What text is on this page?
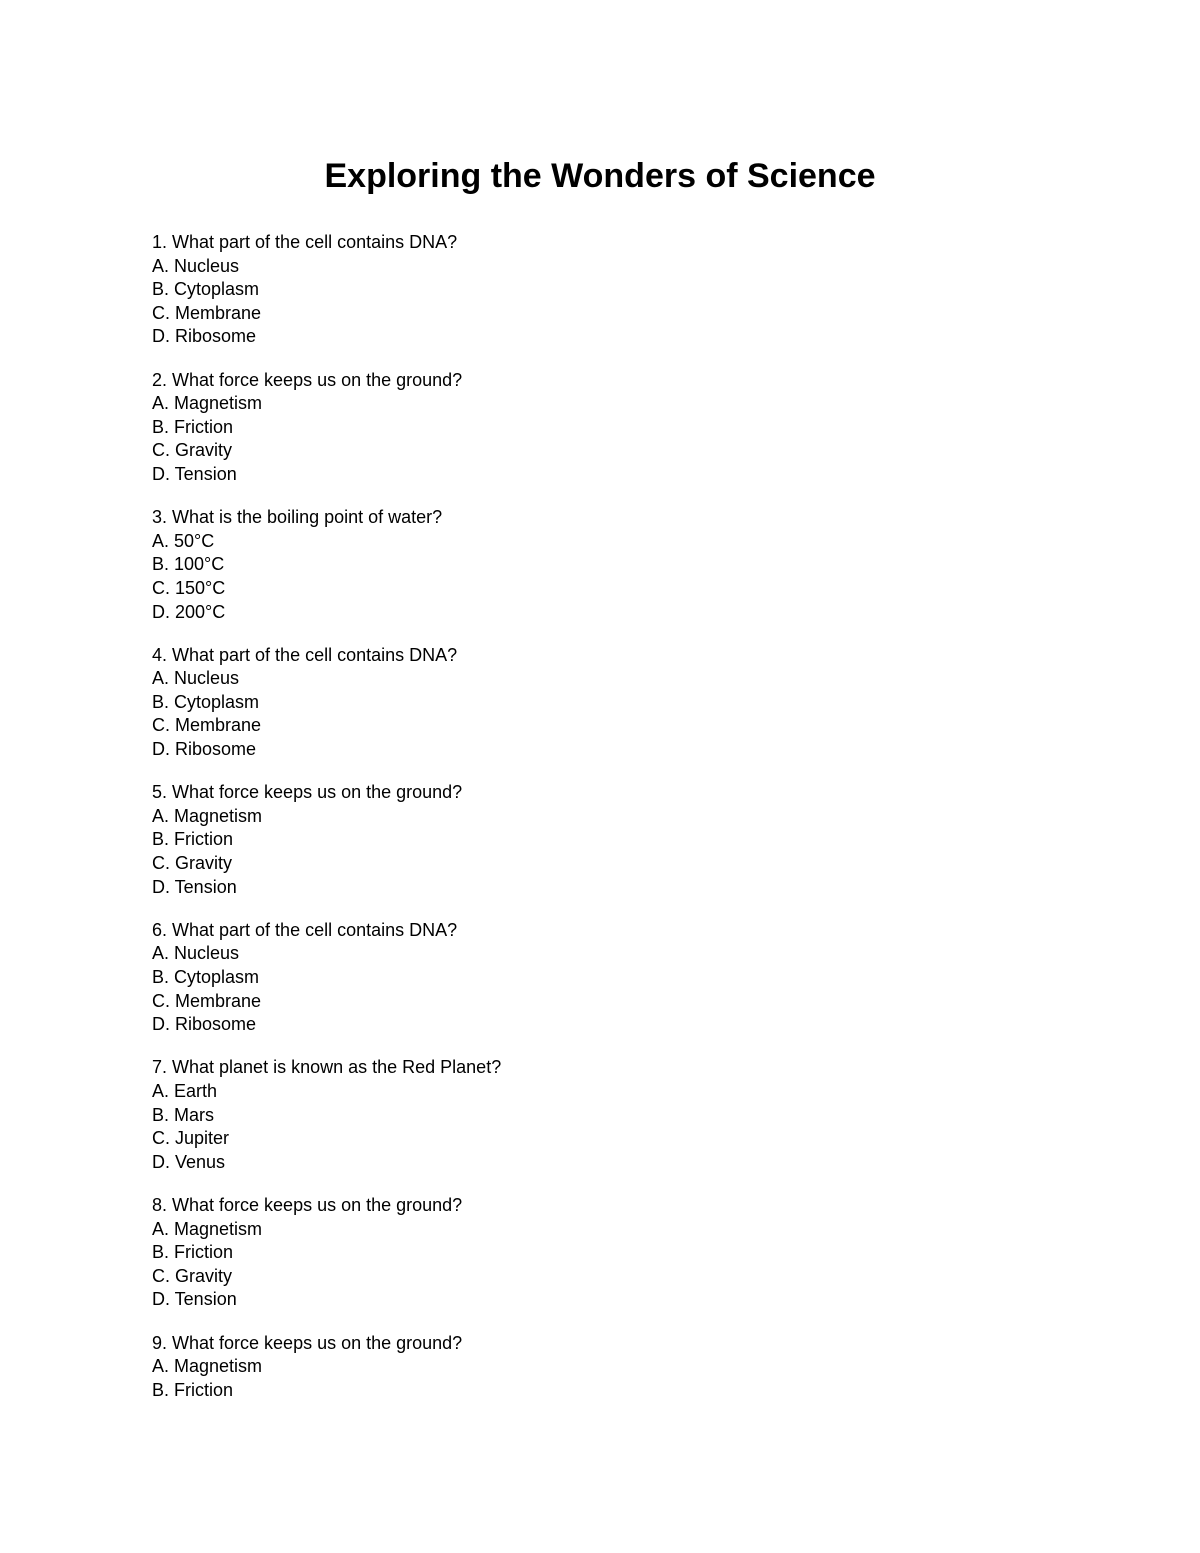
Exploring the Wonders of Science
1. What part of the cell contains DNA?
A. Nucleus
B. Cytoplasm
C. Membrane
D. Ribosome
2. What force keeps us on the ground?
A. Magnetism
B. Friction
C. Gravity
D. Tension
3. What is the boiling point of water?
A. 50°C
B. 100°C
C. 150°C
D. 200°C
4. What part of the cell contains DNA?
A. Nucleus
B. Cytoplasm
C. Membrane
D. Ribosome
5. What force keeps us on the ground?
A. Magnetism
B. Friction
C. Gravity
D. Tension
6. What part of the cell contains DNA?
A. Nucleus
B. Cytoplasm
C. Membrane
D. Ribosome
7. What planet is known as the Red Planet?
A. Earth
B. Mars
C. Jupiter
D. Venus
8. What force keeps us on the ground?
A. Magnetism
B. Friction
C. Gravity
D. Tension
9. What force keeps us on the ground?
A. Magnetism
B. Friction
